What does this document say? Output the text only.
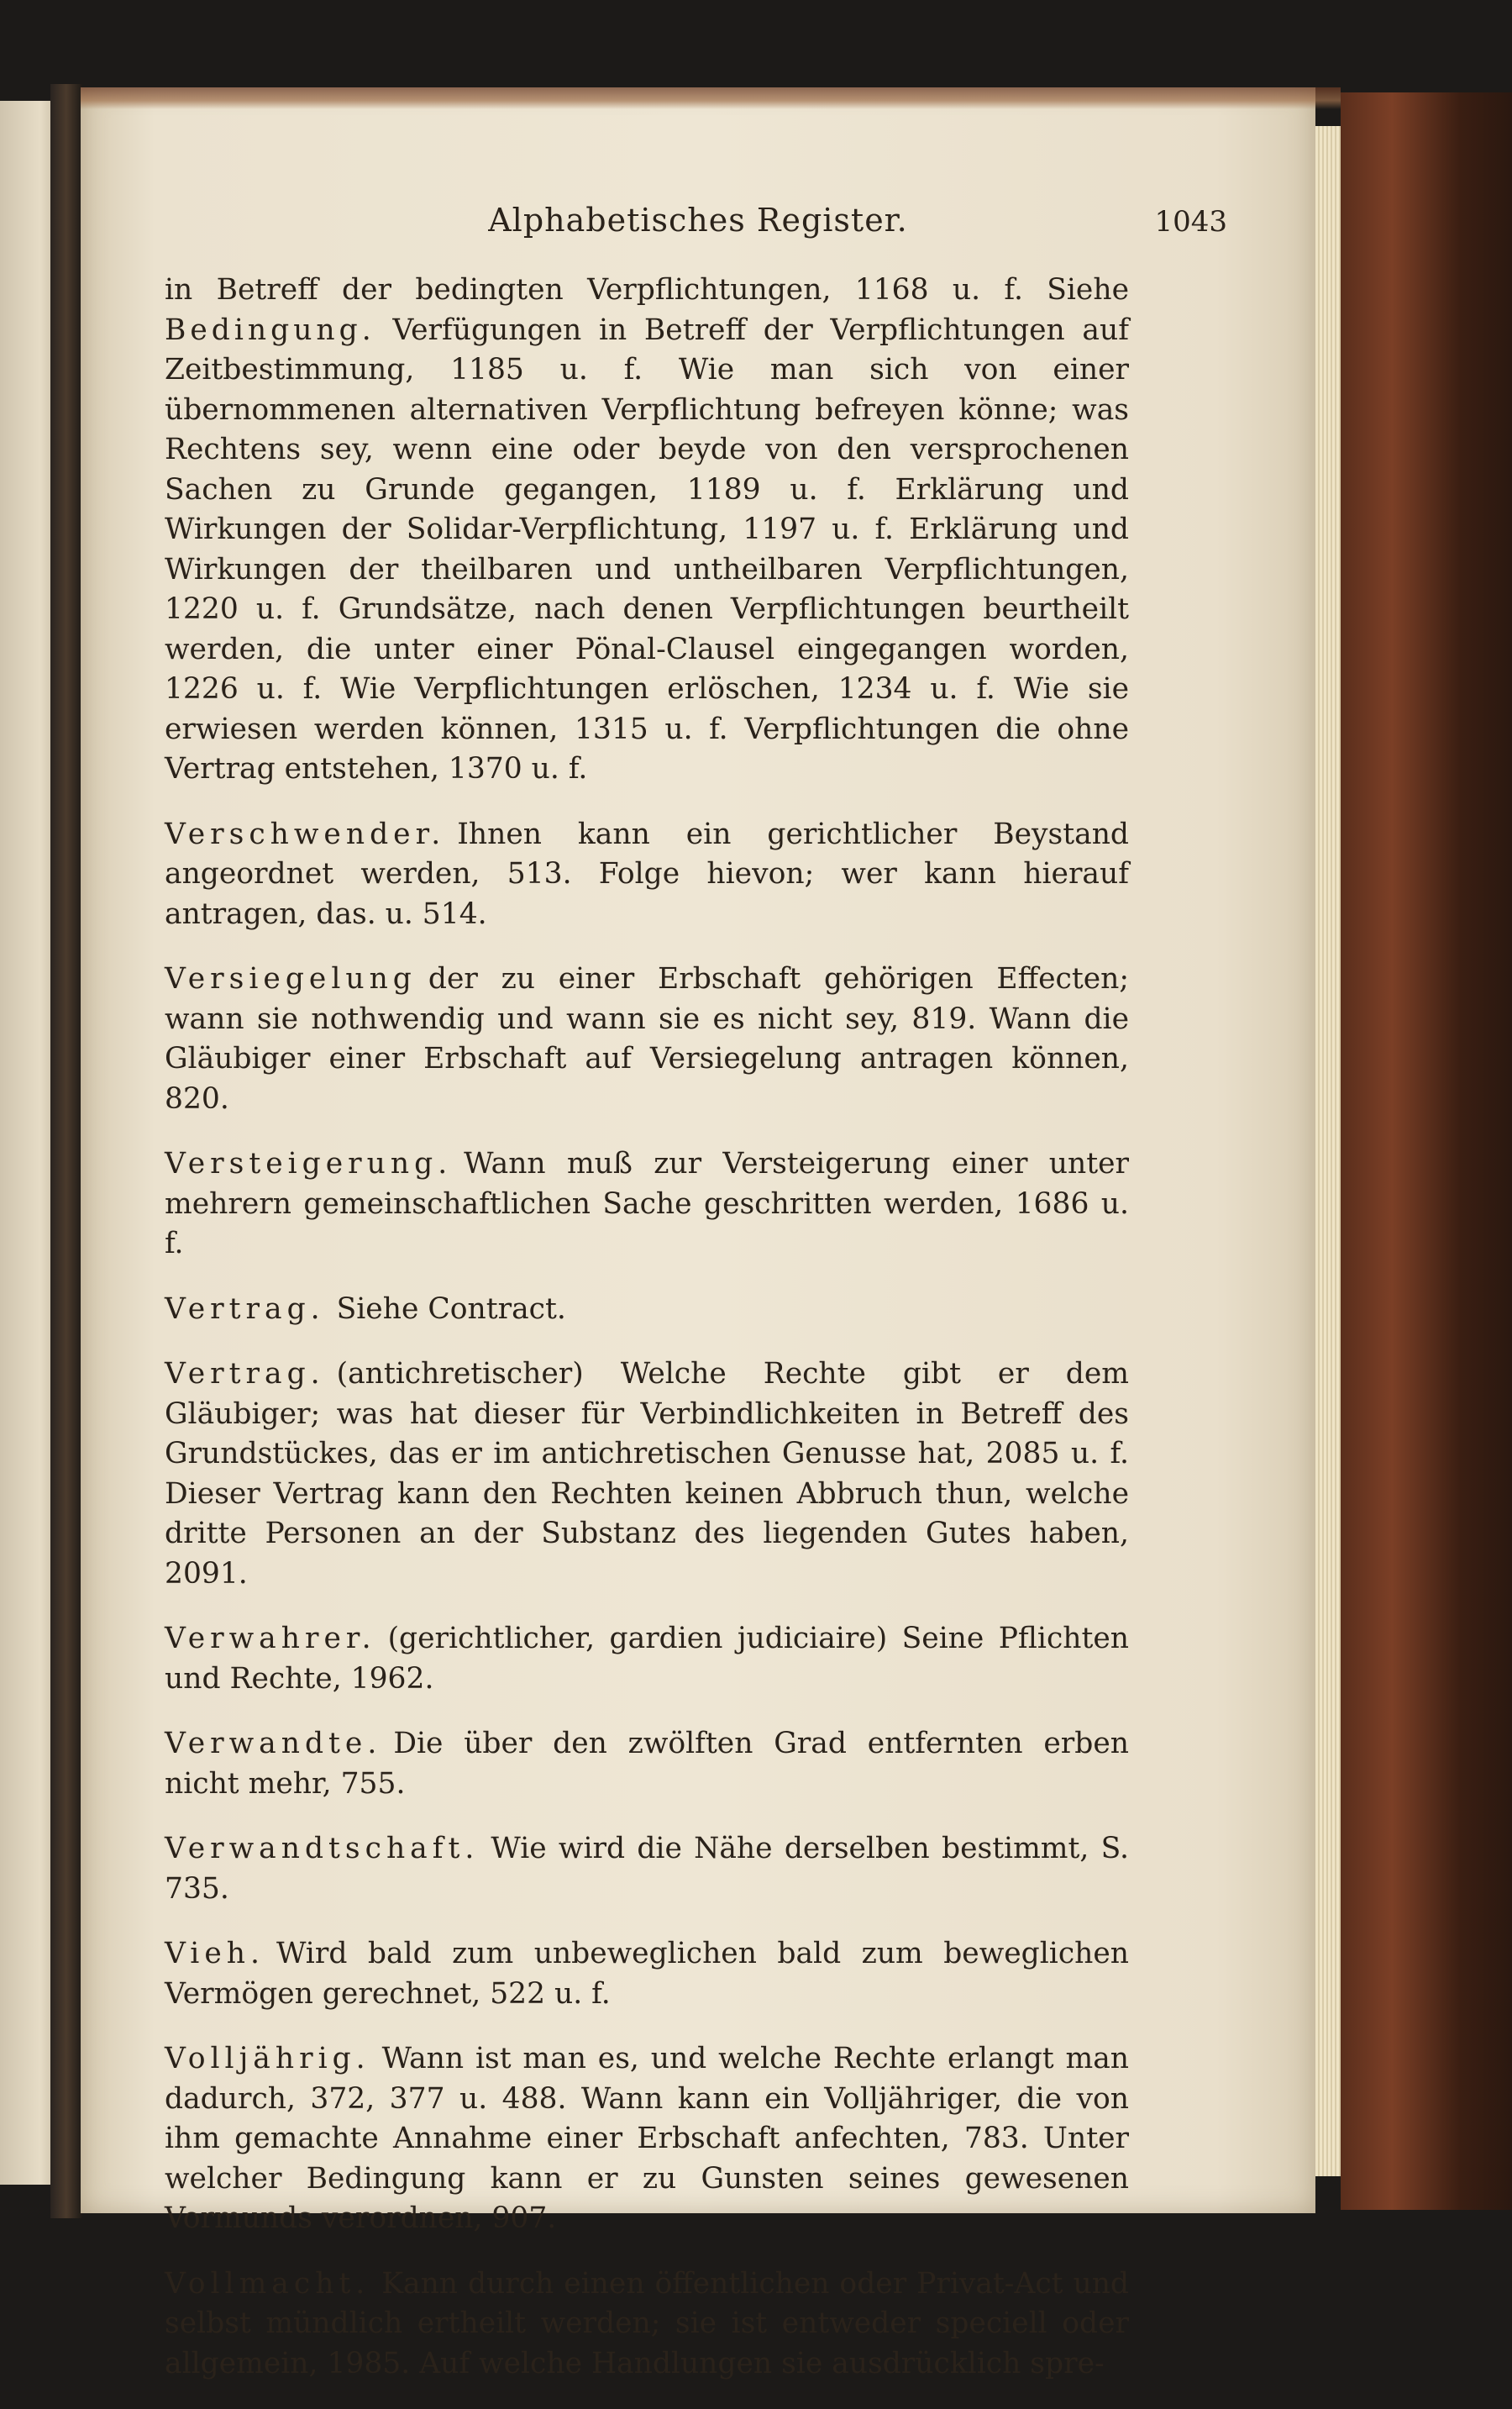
Alphabetisches Register.	1043
in Betreff der bedingten Verpflichtungen, 1168 u. f. Siehe Bedingung. Verfügungen in Betreff der Verpflichtungen auf Zeitbestimmung, 1185 u. f. Wie man sich von einer übernommenen alternativen Verpflichtung befreyen könne; was Rechtens sey, wenn eine oder beyde von den versprochenen Sachen zu Grunde gegangen, 1189 u. f. Erklärung und Wirkungen der Solidar-Verpflichtung, 1197 u. f. Erklärung und Wirkungen der theilbaren und untheilbaren Verpflichtungen, 1220 u. f. Grundsätze, nach denen Verpflichtungen beurtheilt werden, die unter einer Pönal-Clausel eingegangen worden, 1226 u. f. Wie Verpflichtungen erlöschen, 1234 u. f. Wie sie erwiesen werden können, 1315 u. f. Verpflichtungen die ohne Vertrag entstehen, 1370 u. f.
Verschwender. Ihnen kann ein gerichtlicher Beystand angeordnet werden, 513. Folge hievon; wer kann hierauf antragen, das. u. 514.
Versiegelung der zu einer Erbschaft gehörigen Effecten; wann sie nothwendig und wann sie es nicht sey, 819. Wann die Gläubiger einer Erbschaft auf Versiegelung antragen können, 820.
Versteigerung. Wann muß zur Versteigerung einer unter mehrern gemeinschaftlichen Sache geschritten werden, 1686 u. f.
Vertrag. Siehe Contract.
Vertrag. (antichretischer) Welche Rechte gibt er dem Gläubiger; was hat dieser für Verbindlichkeiten in Betreff des Grundstückes, das er im antichretischen Genusse hat, 2085 u. f. Dieser Vertrag kann den Rechten keinen Abbruch thun, welche dritte Personen an der Substanz des liegenden Gutes haben, 2091.
Verwahrer. (gerichtlicher, gardien judiciaire) Seine Pflichten und Rechte, 1962.
Verwandte. Die über den zwölften Grad entfernten erben nicht mehr, 755.
Verwandtschaft. Wie wird die Nähe derselben bestimmt, S. 735.
Vieh. Wird bald zum unbeweglichen bald zum beweglichen Vermögen gerechnet, 522 u. f.
Volljährig. Wann ist man es, und welche Rechte erlangt man dadurch, 372, 377 u. 488. Wann kann ein Volljähriger, die von ihm gemachte Annahme einer Erbschaft anfechten, 783. Unter welcher Bedingung kann er zu Gunsten seines gewesenen Vormunds verordnen, 907.
Vollmacht. Kann durch einen öffentlichen oder Privat-Act und selbst mündlich ertheilt werden; sie ist entweder speciell oder allgemein, 1985. Auf welche Handlungen sie ausdrücklich spre-
